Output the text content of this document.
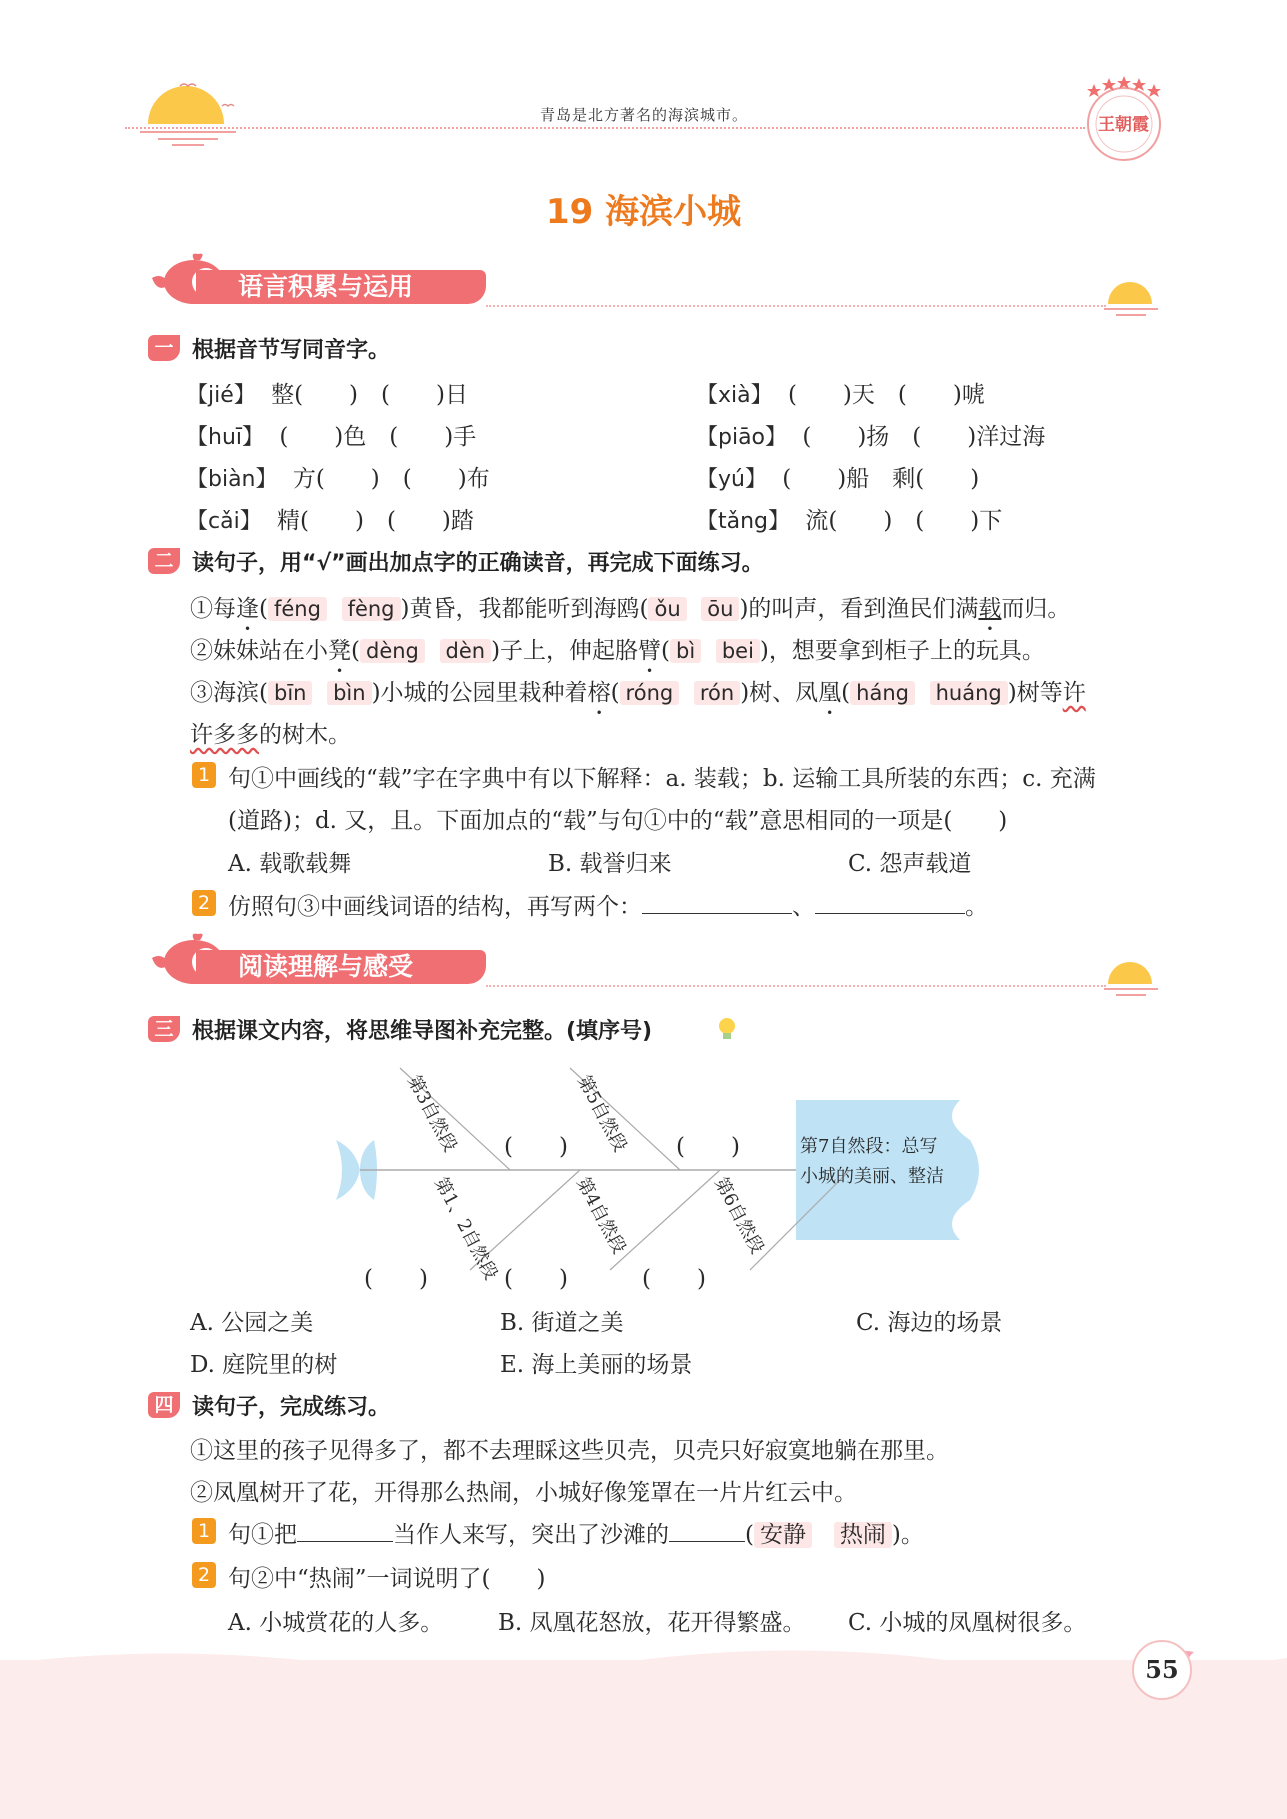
青岛是北方著名的海滨城市。	王朝霞
19 海滨小城
语言积累与运用
一 根据音节写同音字。
【jié】 整(　　)　(　　)日	【xià】 (　　)天　(　　)唬
【huī】 (　　)色　(　　)手	【piāo】 (　　)扬　(　　)洋过海
【biàn】 方(　　)　(　　)布	【yú】 (　　)船　剩(　　)
【cǎi】 精(　　)　(　　)踏	【tǎng】 流(　　)　(　　)下
二 读句子，用“√”画出加点字的正确读音，再完成下面练习。
①每逢( féng fèng )黄昏，我都能听到海鸥( ǒu ōu )的叫声，看到渔民们满载而归。
②妹妹站在小凳( dèng dèn )子上，伸起胳臂( bì bei )，想要拿到柜子上的玩具。
③海滨( bīn bìn )小城的公园里栽种着榕( róng rón )树、凤凰( háng huáng )树等许
许多多的树木。
1 句①中画线的“载”字在字典中有以下解释：a. 装载；b. 运输工具所装的东西；c. 充满
(道路)；d. 又，且。下面加点的“载”与句①中的“载”意思相同的一项是(　　)
A. 载歌载舞	B. 载誉归来	C. 怨声载道
2 仿照句③中画线词语的结构，再写两个：	、	。
阅读理解与感受
三 根据课文内容，将思维导图补充完整。(填序号)
第7自然段：总写小城的美丽、整洁
第3自然段	第5自然段
(　　)	(　　)
第1、2自然段	第4自然段	第6自然段
(　　)	(　　)	(　　)
A. 公园之美	B. 街道之美	C. 海边的场景
D. 庭院里的树	E. 海上美丽的场景
四 读句子，完成练习。
①这里的孩子见得多了，都不去理睬这些贝壳，贝壳只好寂寞地躺在那里。
②凤凰树开了花，开得那么热闹，小城好像笼罩在一片片红云中。
1 句①把	当作人来写，突出了沙滩的	( 安静 热闹 )。
2 句②中“热闹”一词说明了(　　)
A. 小城赏花的人多。 B. 凤凰花怒放，花开得繁盛。 C. 小城的凤凰树很多。
55
